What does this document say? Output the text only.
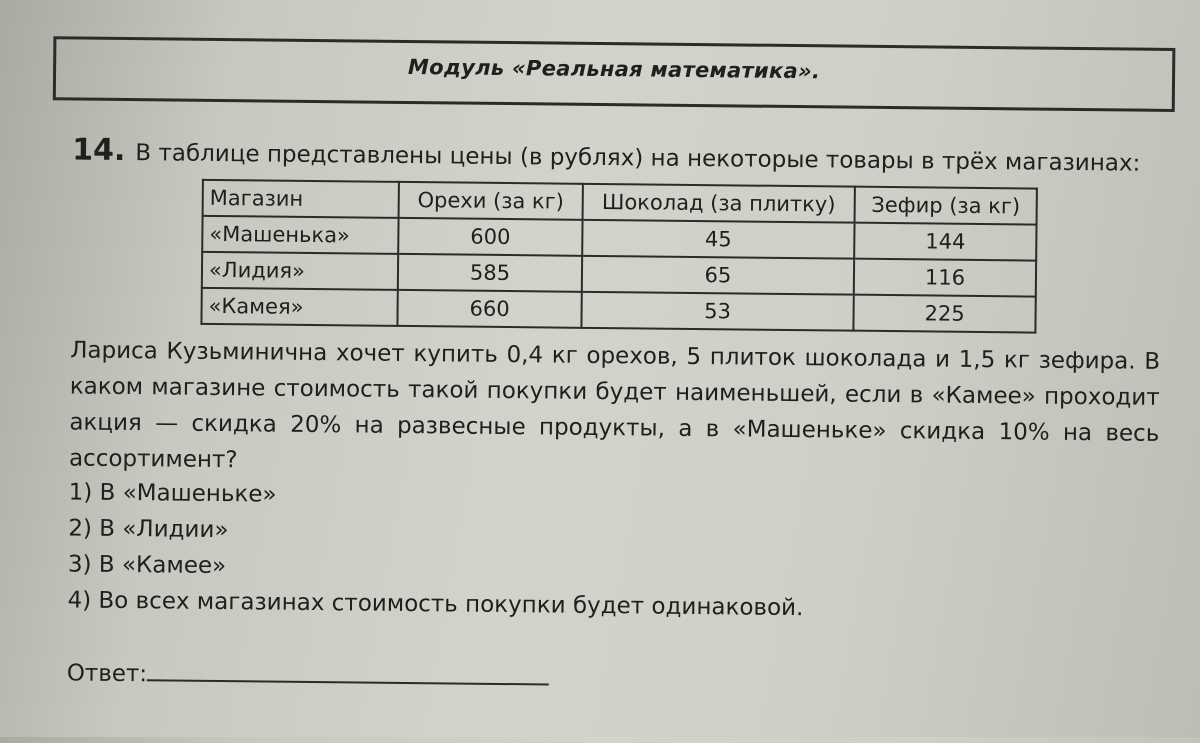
Модуль «Реальная математика».
14. В таблице представлены цены (в рублях) на некоторые товары в трёх магазинах:
Магазин	Орехи (за кг)	Шоколад (за плитку)	Зефир (за кг)
«Машенька»	600	45	144
«Лидия»	585	65	116
«Камея»	660	53	225
Лариса Кузьминична хочет купить 0,4 кг орехов, 5 плиток шоколада и 1,5 кг зефира. В каком магазине стоимость такой покупки будет наименьшей, если в «Камее» проходит акция — скидка 20% на развесные продукты, а в «Машеньке» скидка 10% на весь ассортимент?
1) В «Машеньке»
2) В «Лидии»
3) В «Камее»
4) Во всех магазинах стоимость покупки будет одинаковой.
Ответ:
